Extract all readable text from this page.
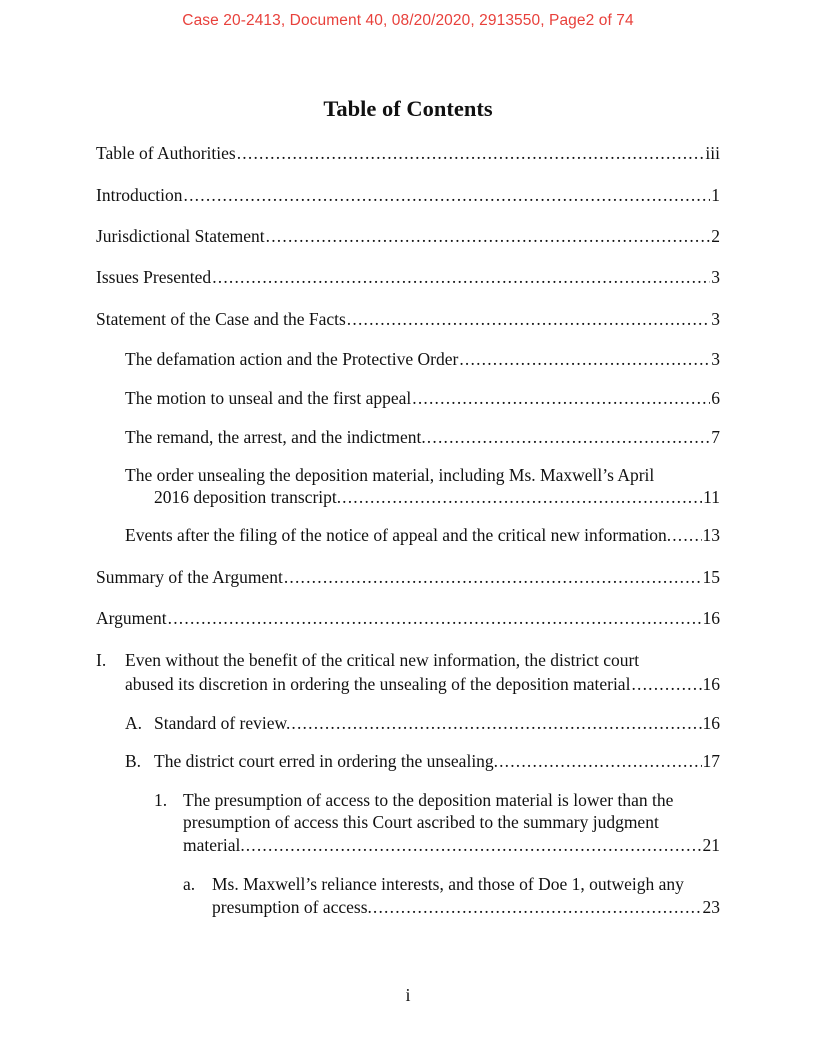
Case 20-2413, Document 40, 08/20/2020, 2913550, Page2 of 74
Table of Contents
Table of Authorities .....	iii
Introduction .....	1
Jurisdictional Statement .....	2
Issues Presented .....	3
Statement of the Case and the Facts .....	3
The defamation action and the Protective Order .....	3
The motion to unseal and the first appeal .....	6
The remand, the arrest, and the indictment. .....	7
The order unsealing the deposition material, including Ms. Maxwell’s April
2016 deposition transcript. .....	11
Events after the filing of the notice of appeal and the critical new information. ..... 13
Summary of the Argument .....	15
Argument .....	16
I. Even without the benefit of the critical new information, the district court
abused its discretion in ordering the unsealing of the deposition material .....	16
A. Standard of review. .....	16
B. The district court erred in ordering the unsealing. .....	17
1. The presumption of access to the deposition material is lower than the
presumption of access this Court ascribed to the summary judgment
material. .....	21
a. Ms. Maxwell’s reliance interests, and those of Doe 1, outweigh any
presumption of access. .....	23
i
